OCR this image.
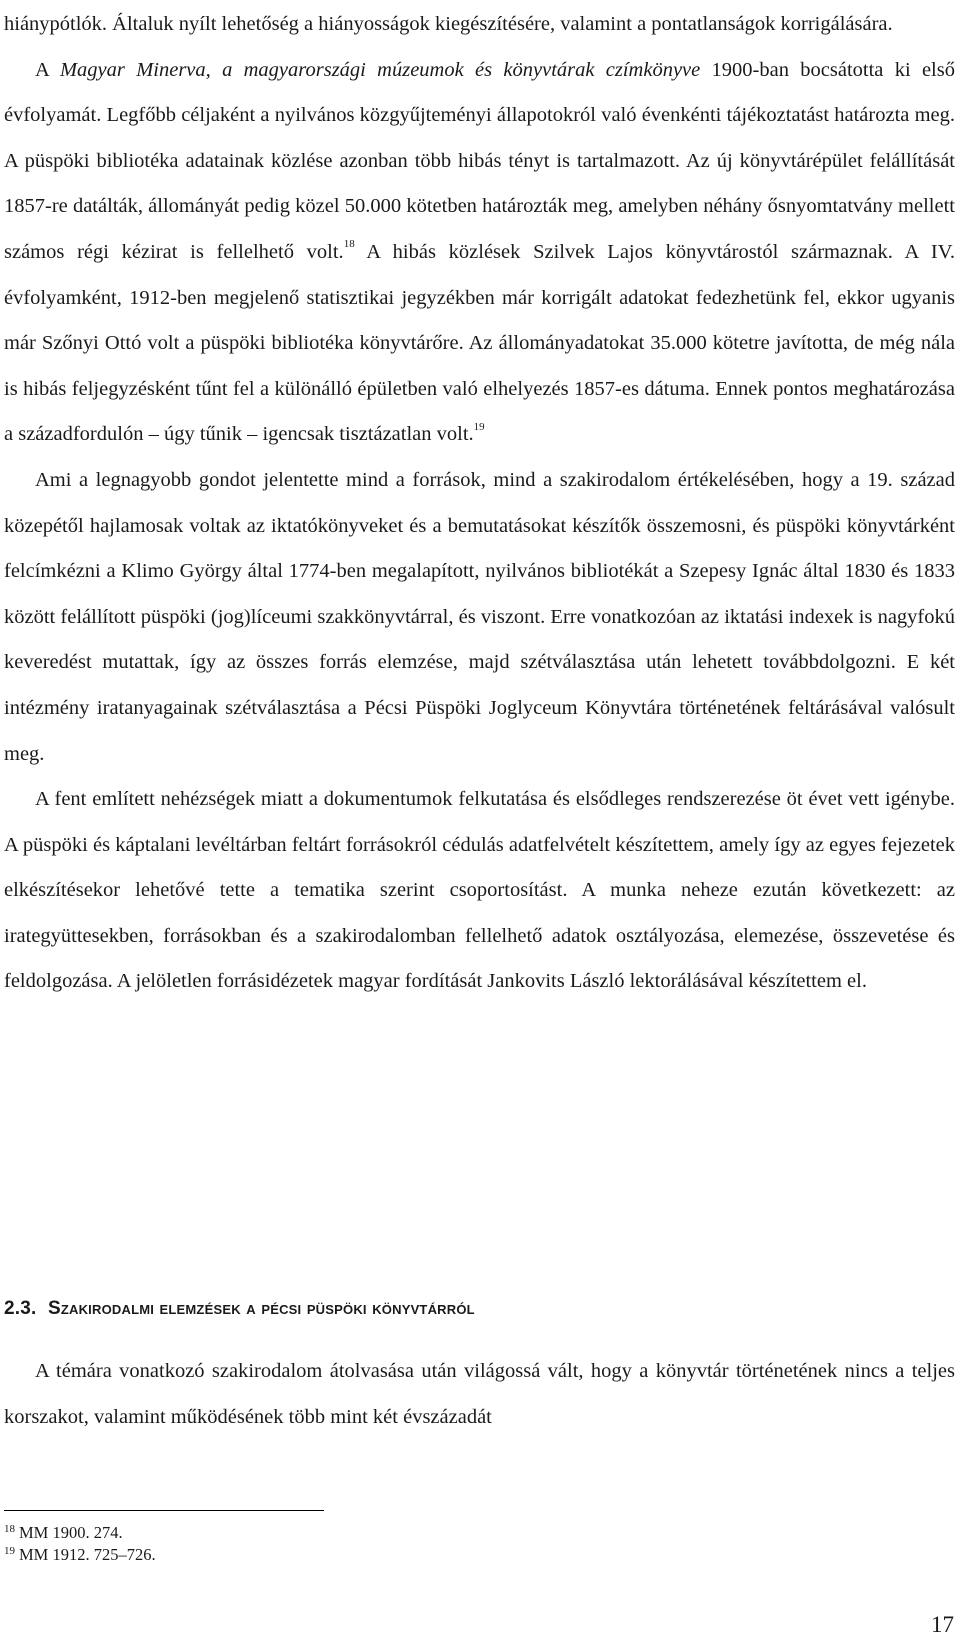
hiánypótlók. Általuk nyílt lehetőség a hiányosságok kiegészítésére, valamint a pontatlanságok korrigálására.

A Magyar Minerva, a magyarországi múzeumok és könyvtárak czímkönyve 1900-ban bocsátotta ki első évfolyamát. Legfőbb céljaként a nyilvános közgyűjteményi állapotokról való évenkénti tájékoztatást határozta meg. A püspöki bibliotéka adatainak közlése azonban több hibás tényt is tartalmazott. Az új könyvtárépület felállítását 1857-re datálták, állományát pedig közel 50.000 kötetben határozták meg, amelyben néhány ősnyomtatvány mellett számos régi kézirat is fellelhető volt.$^{18}$ A hibás közlések Szilvek Lajos könyvtárostól származnak. A IV. évfolyamként, 1912-ben megjelenő statisztikai jegyzékben már korrigált adatokat fedezhetünk fel, ekkor ugyanis már Szőnyi Ottó volt a püspöki bibliotéka könyvtárőre. Az állományadatokat 35.000 kötetre javította, de még nála is hibás feljegyzésként tűnt fel a különálló épületben való elhelyezés 1857-es dátuma. Ennek pontos meghatározása a századfordulón – úgy tűnik – igencsak tisztázatlan volt.$^{19}$

Ami a legnagyobb gondot jelentette mind a források, mind a szakirodalom értékelésében, hogy a 19. század közepétől hajlamosak voltak az iktatókönyveket és a bemutatásokat készítők összemosni, és püspöki könyvtárként felcímkézni a Klimo György által 1774-ben megalapított, nyilvános bibliotékát a Szepesy Ignác által 1830 és 1833 között felállított püspöki (jog)líceumi szakkönyvtárral, és viszont. Erre vonatkozóan az iktatási indexek is nagyfokú keveredést mutattak, így az összes forrás elemzése, majd szétválasztása után lehetett továbbdolgozni. E két intézmény iratanyagainak szétválasztása a Pécsi Püspöki Joglyceum Könyvtára történetének feltárásával valósult meg.

A fent említett nehézségek miatt a dokumentumok felkutatása és elsődleges rendszerezése öt évet vett igénybe. A püspöki és káptalani levéltárban feltárt forrásokról cédulás adatfelvételt készítettem, amely így az egyes fejezetek elkészítésekor lehetővé tette a tematika szerint csoportosítást. A munka neheze ezután következett: az irategyüttesekben, forrásokban és a szakirodalomban fellelhető adatok osztályozása, elemezése, összevetése és feldolgozása. A jelöletlen forrásidézetek magyar fordítását Jankovits László lektorálásával készítettem el.

2.3. Szakirodalmi elemzések a pécsi püspöki könyvtárról

A témára vonatkozó szakirodalom átolvasása után világossá vált, hogy a könyvtár történetének nincs a teljes korszakot, valamint működésének több mint két évszázadát

$^{18}$ MM 1900. 274.
$^{19}$ MM 1912. 725–726.
17
